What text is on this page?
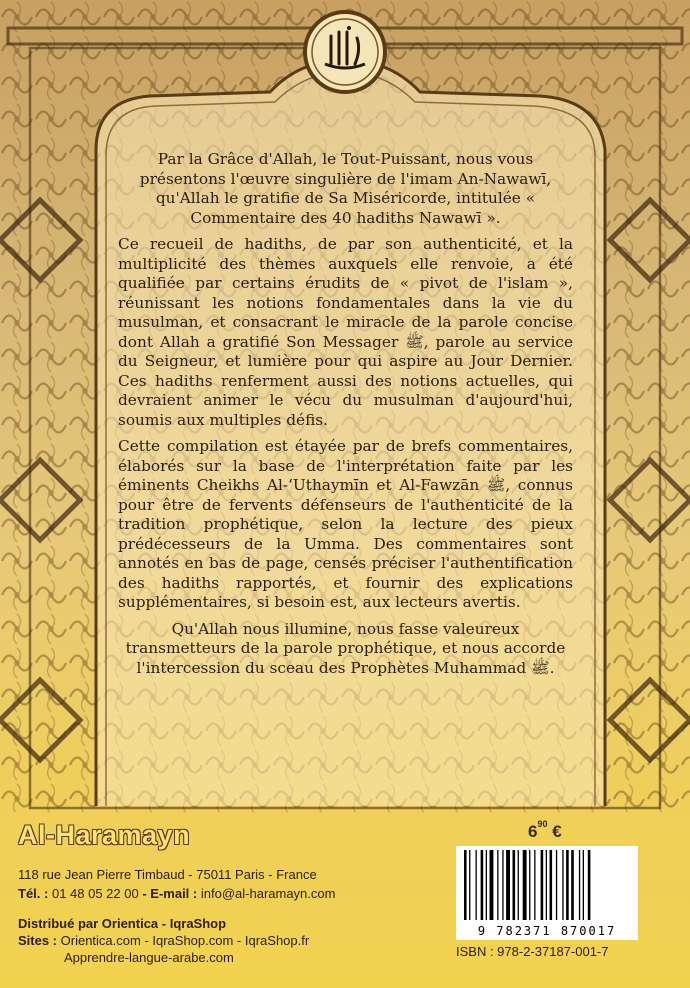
Par la Grâce d'Allah, le Tout-Puissant, nous vous présentons l'œuvre singulière de l'imam An-Nawawī, qu'Allah le gratifie de Sa Miséricorde, intitulée « Commentaire des 40 hadiths Nawawī ».

Ce recueil de hadiths, de par son authenticité, et la multiplicité des thèmes auxquels elle renvoie, a été qualifiée par certains érudits de « pivot de l'islam », réunissant les notions fondamentales dans la vie du musulman, et consacrant le miracle de la parole concise dont Allah a gratifié Son Messager ﷺ, parole au service du Seigneur, et lumière pour qui aspire au Jour Dernier. Ces hadiths renferment aussi des notions actuelles, qui devraient animer le vécu du musulman d'aujourd'hui, soumis aux multiples défis.

Cette compilation est étayée par de brefs commentaires, élaborés sur la base de l'interprétation faite par les éminents Cheikhs Al-‘Uthaymīn et Al-Fawzān ﷺ, connus pour être de fervents défenseurs de l'authenticité de la tradition prophétique, selon la lecture des pieux prédécesseurs de la Umma. Des commentaires sont annotés en bas de page, censés préciser l'authentification des hadiths rapportés, et fournir des explications supplémentaires, si besoin est, aux lecteurs avertis.

Qu'Allah nous illumine, nous fasse valeureux transmetteurs de la parole prophétique, et nous accorde l'intercession du sceau des Prophètes Muhammad ﷺ.

Al-Haramayn

118 rue Jean Pierre Timbaud - 75011 Paris - France

Tél. : 01 48 05 22 00 - E-mail : info@al-haramayn.com

Distribué par Orientica - IqraShop
Sites : Orientica.com - IqraShop.com - IqraShop.fr
Apprendre-langue-arabe.com
$6^{90}$ €
9 782371 870017
ISBN : 978-2-37187-001-7
